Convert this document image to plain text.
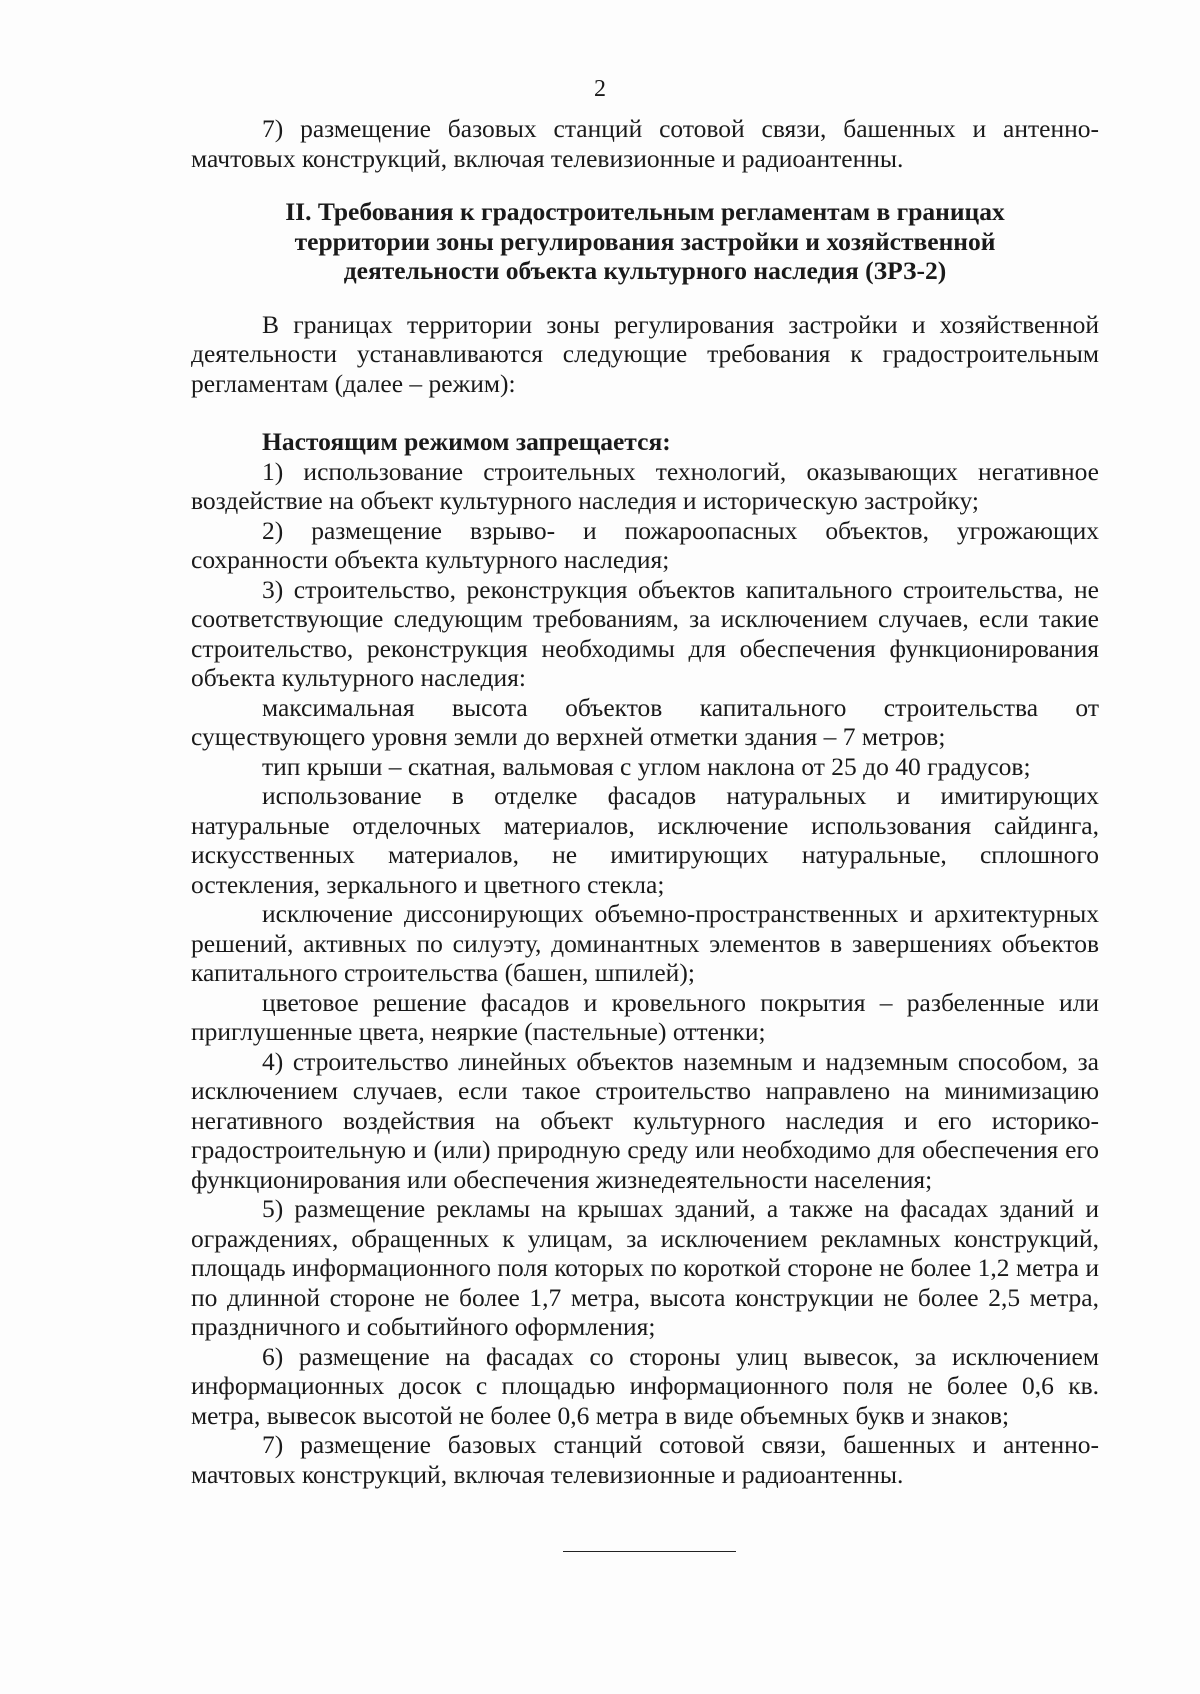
2

7) размещение базовых станций сотовой связи, башенных и антенно-мачтовых конструкций, включая телевизионные и радиоантенны.

II. Требования к градостроительным регламентам в границах
территории зоны регулирования застройки и хозяйственной
деятельности объекта культурного наследия (ЗРЗ-2)

В границах территории зоны регулирования застройки и хозяйственной деятельности устанавливаются следующие требования к градостроительным регламентам (далее – режим):

Настоящим режимом запрещается:

1) использование строительных технологий, оказывающих негативное воздействие на объект культурного наследия и историческую застройку;

2) размещение взрыво- и пожароопасных объектов, угрожающих сохранности объекта культурного наследия;

3) строительство, реконструкция объектов капитального строительства, не соответствующие следующим требованиям, за исключением случаев, если такие строительство, реконструкция необходимы для обеспечения функционирования объекта культурного наследия:

максимальная высота объектов капитального строительства от существующего уровня земли до верхней отметки здания – 7 метров;

тип крыши – скатная, вальмовая с углом наклона от 25 до 40 градусов;

использование в отделке фасадов натуральных и имитирующих натуральные отделочных материалов, исключение использования сайдинга, искусственных материалов, не имитирующих натуральные, сплошного остекления, зеркального и цветного стекла;

исключение диссонирующих объемно-пространственных и архитектурных решений, активных по силуэту, доминантных элементов в завершениях объектов капитального строительства (башен, шпилей);

цветовое решение фасадов и кровельного покрытия – разбеленные или приглушенные цвета, неяркие (пастельные) оттенки;

4) строительство линейных объектов наземным и надземным способом, за исключением случаев, если такое строительство направлено на минимизацию негативного воздействия на объект культурного наследия и его историко-градостроительную и (или) природную среду или необходимо для обеспечения его функционирования или обеспечения жизнедеятельности населения;

5) размещение рекламы на крышах зданий, а также на фасадах зданий и ограждениях, обращенных к улицам, за исключением рекламных конструкций, площадь информационного поля которых по короткой стороне не более 1,2 метра и по длинной стороне не более 1,7 метра, высота конструкции не более 2,5 метра, праздничного и событийного оформления;

6) размещение на фасадах со стороны улиц вывесок, за исключением информационных досок с площадью информационного поля не более 0,6 кв. метра, вывесок высотой не более 0,6 метра в виде объемных букв и знаков;

7) размещение базовых станций сотовой связи, башенных и антенно-мачтовых конструкций, включая телевизионные и радиоантенны.
